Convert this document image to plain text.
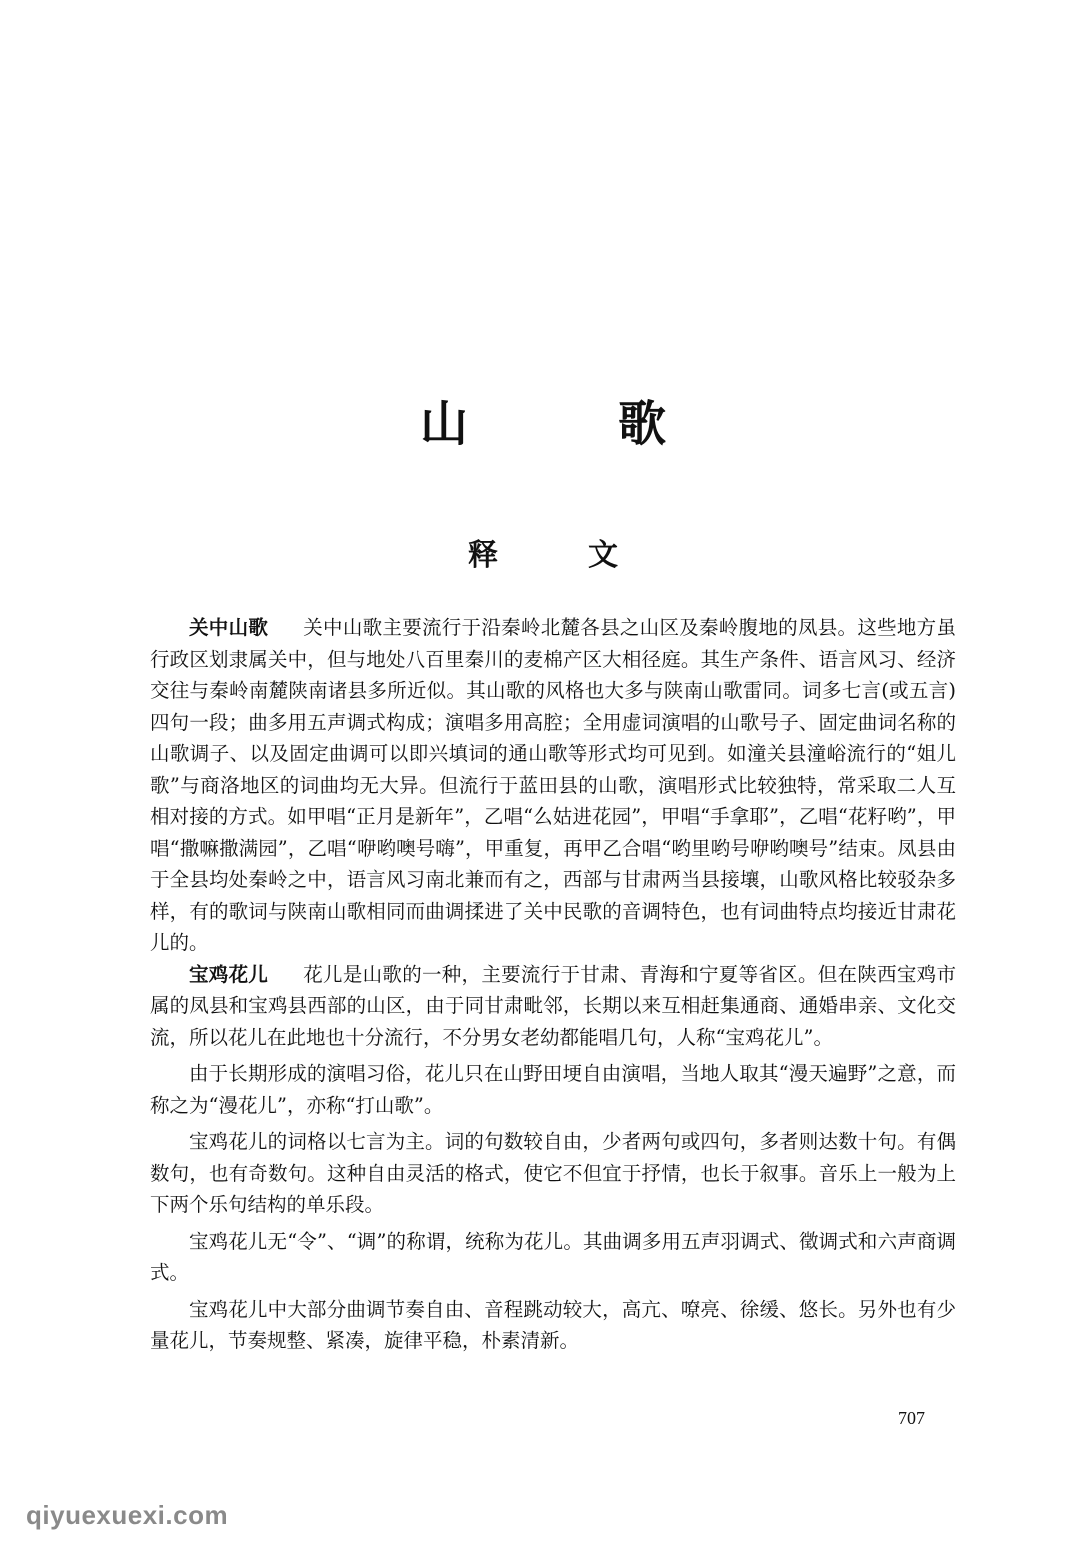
山歌
释文

关中山歌 关中山歌主要流行于沿秦岭北麓各县之山区及秦岭腹地的凤县。这些地方虽行政区划隶属关中，但与地处八百里秦川的麦棉产区大相径庭。其生产条件、语言风习、经济交往与秦岭南麓陕南诸县多所近似。其山歌的风格也大多与陕南山歌雷同。词多七言(或五言)四句一段；曲多用五声调式构成；演唱多用高腔；全用虚词演唱的山歌号子、固定曲词名称的山歌调子、以及固定曲调可以即兴填词的通山歌等形式均可见到。如潼关县潼峪流行的“姐儿歌”与商洛地区的词曲均无大异。但流行于蓝田县的山歌，演唱形式比较独特，常采取二人互相对接的方式。如甲唱“正月是新年”，乙唱“么姑进花园”，甲唱“手拿耶”，乙唱“花籽哟”，甲唱“撒嘛撒满园”，乙唱“咿哟噢号嗨”，甲重复，再甲乙合唱“哟里哟号咿哟噢号”结束。凤县由于全县均处秦岭之中，语言风习南北兼而有之，西部与甘肃两当县接壤，山歌风格比较驳杂多样，有的歌词与陕南山歌相同而曲调揉进了关中民歌的音调特色，也有词曲特点均接近甘肃花儿的。

宝鸡花儿 花儿是山歌的一种，主要流行于甘肃、青海和宁夏等省区。但在陕西宝鸡市属的凤县和宝鸡县西部的山区，由于同甘肃毗邻，长期以来互相赶集通商、通婚串亲、文化交流，所以花儿在此地也十分流行，不分男女老幼都能唱几句，人称“宝鸡花儿”。

由于长期形成的演唱习俗，花儿只在山野田埂自由演唱，当地人取其“漫天遍野”之意，而称之为“漫花儿”，亦称“打山歌”。

宝鸡花儿的词格以七言为主。词的句数较自由，少者两句或四句，多者则达数十句。有偶数句，也有奇数句。这种自由灵活的格式，使它不但宜于抒情，也长于叙事。音乐上一般为上下两个乐句结构的单乐段。

宝鸡花儿无“令”、“调”的称谓，统称为花儿。其曲调多用五声羽调式、徵调式和六声商调式。

宝鸡花儿中大部分曲调节奏自由、音程跳动较大，高亢、嘹亮、徐缓、悠长。另外也有少量花儿，节奏规整、紧凑，旋律平稳，朴素清新。

707
qiyuexuexi.com
